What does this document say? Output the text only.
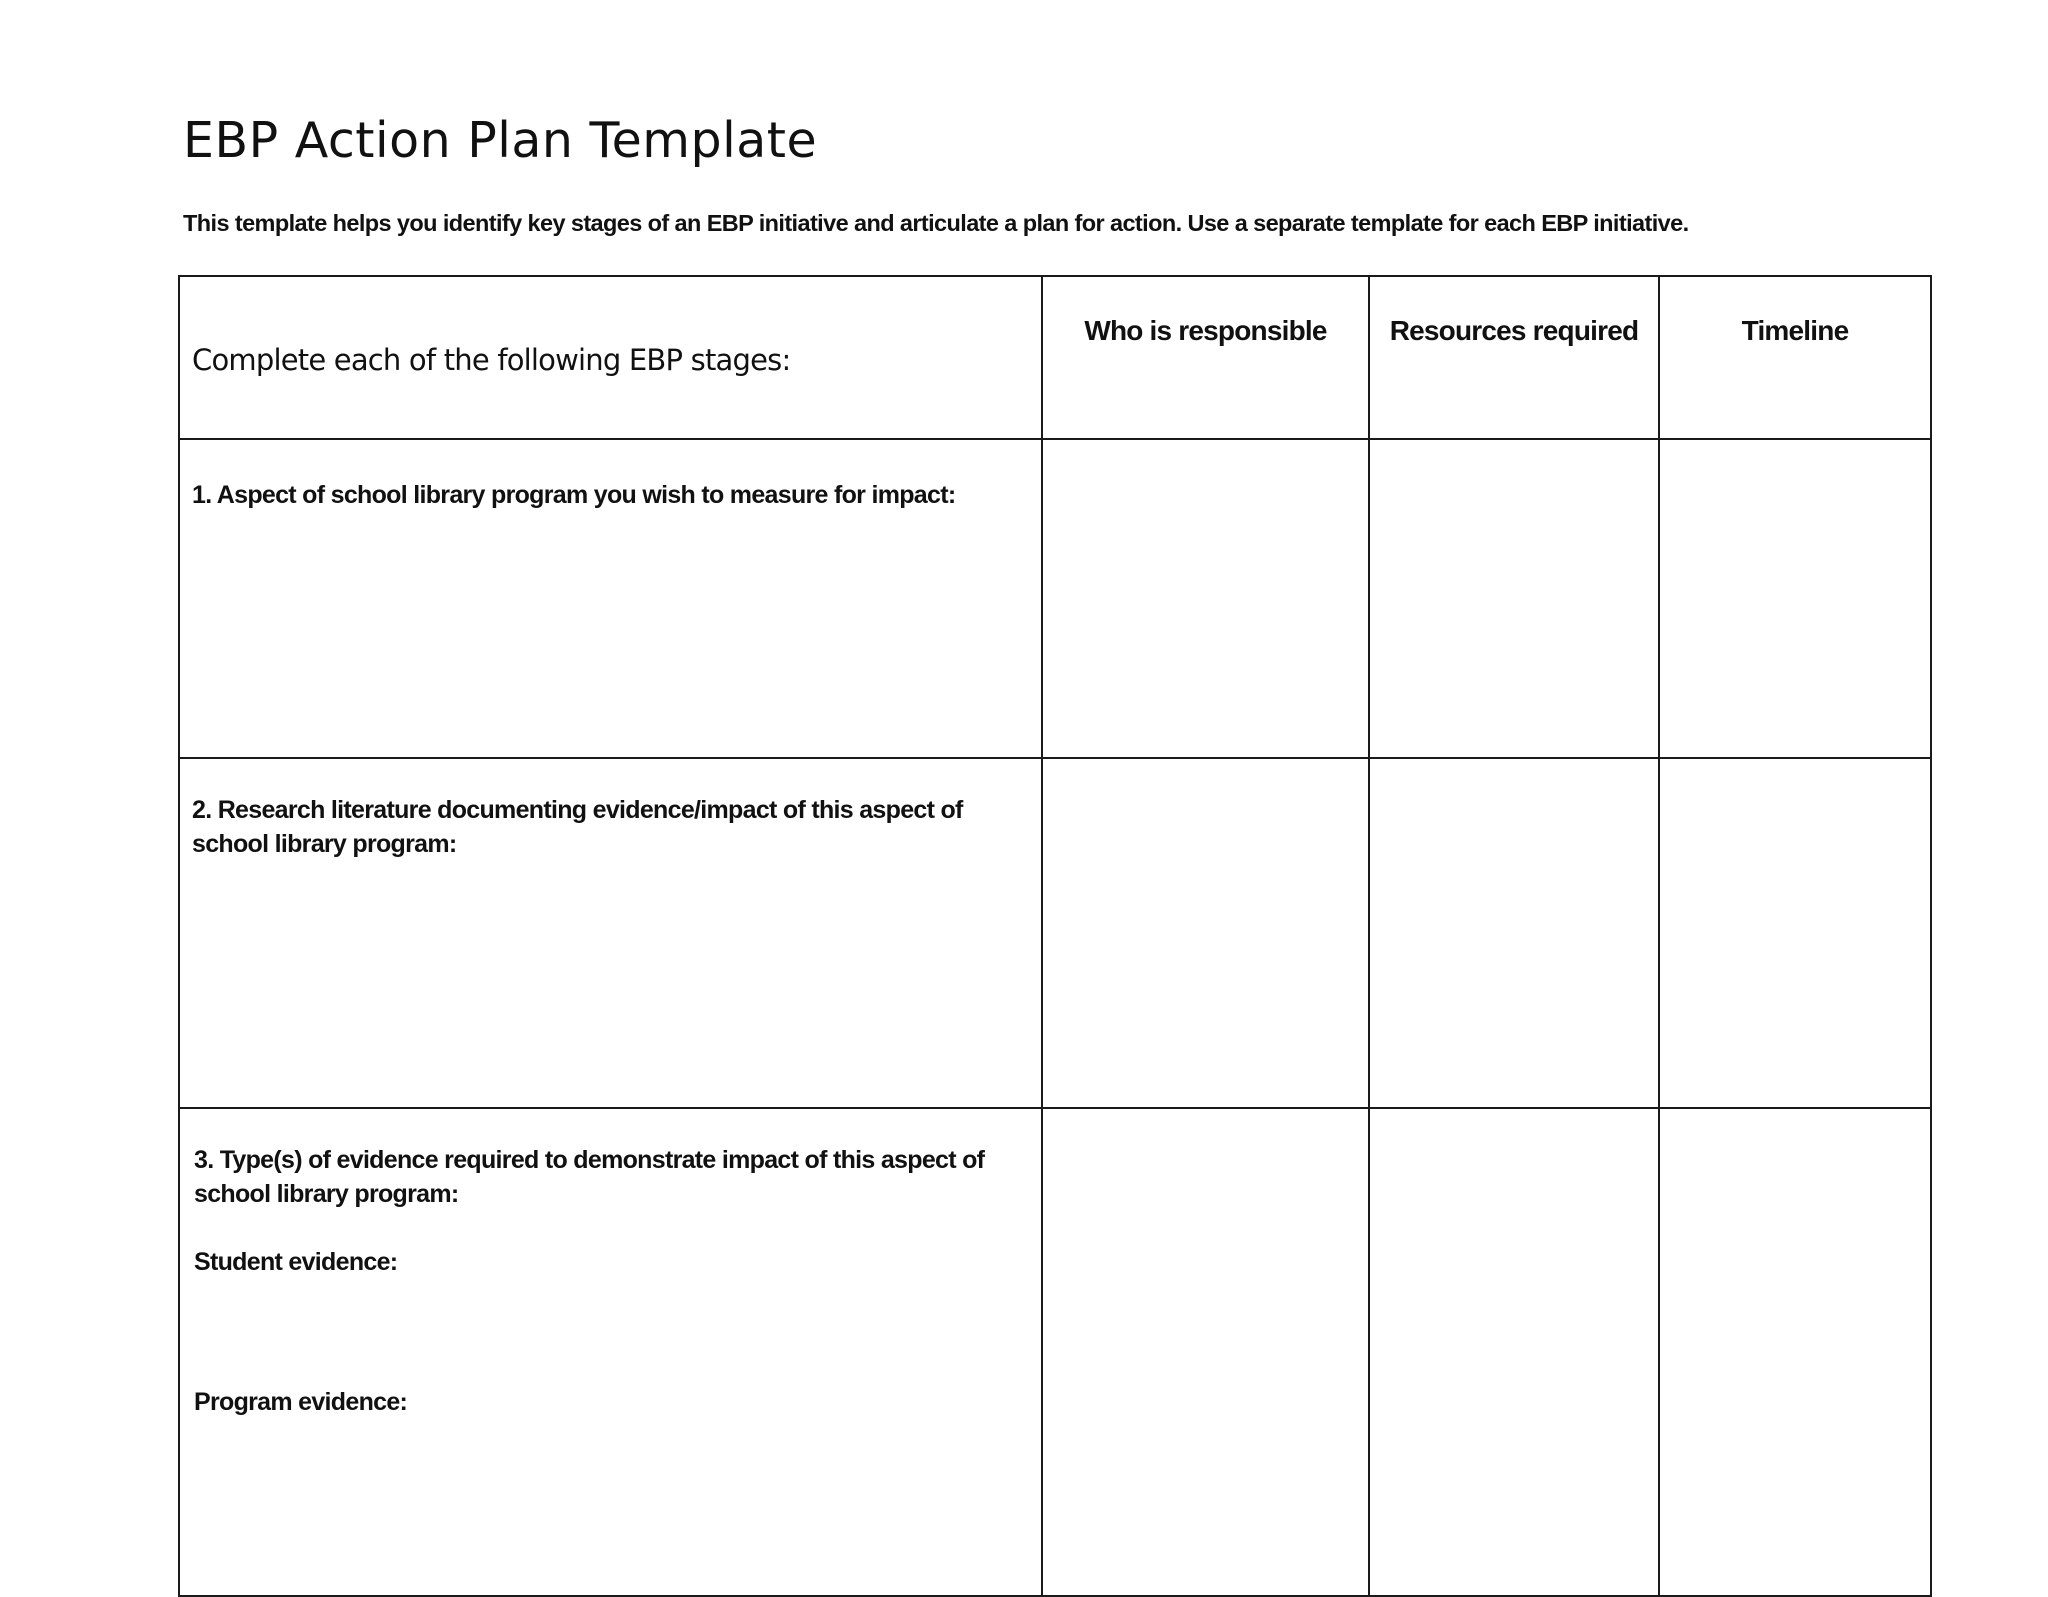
EBP Action Plan Template

This template helps you identify key stages of an EBP initiative and articulate a plan for action. Use a separate template for each EBP initiative.

Complete each of the following EBP stages:	Who is responsible	Resources required	Timeline
1. Aspect of school library program you wish to measure for impact:			
2. Research literature documenting evidence/impact of this aspect of school library program:			
3. Type(s) of evidence required to demonstrate impact of this aspect of school library program:
Student evidence:
Program evidence:			
